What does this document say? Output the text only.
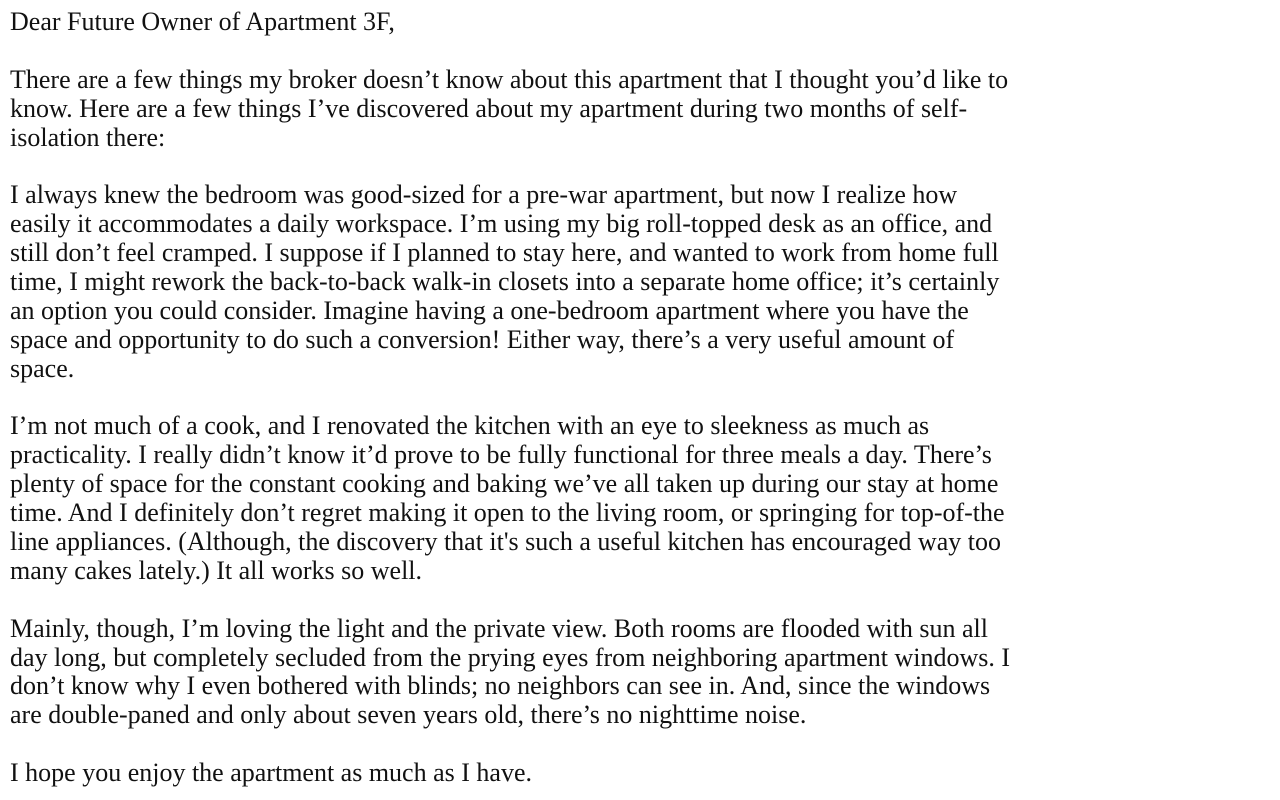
Dear Future Owner of Apartment 3F,
There are a few things my broker doesn’t know about this apartment that I thought you’d like to
know. Here are a few things I’ve discovered about my apartment during two months of self-
isolation there:
I always knew the bedroom was good-sized for a pre-war apartment, but now I realize how
easily it accommodates a daily workspace. I’m using my big roll-topped desk as an office, and
still don’t feel cramped. I suppose if I planned to stay here, and wanted to work from home full
time, I might rework the back-to-back walk-in closets into a separate home office; it’s certainly
an option you could consider. Imagine having a one-bedroom apartment where you have the
space and opportunity to do such a conversion! Either way, there’s a very useful amount of
space.
I’m not much of a cook, and I renovated the kitchen with an eye to sleekness as much as
practicality. I really didn’t know it’d prove to be fully functional for three meals a day. There’s
plenty of space for the constant cooking and baking we’ve all taken up during our stay at home
time. And I definitely don’t regret making it open to the living room, or springing for top-of-the
line appliances. (Although, the discovery that it's such a useful kitchen has encouraged way too
many cakes lately.) It all works so well.
Mainly, though, I’m loving the light and the private view. Both rooms are flooded with sun all
day long, but completely secluded from the prying eyes from neighboring apartment windows. I
don’t know why I even bothered with blinds; no neighbors can see in. And, since the windows
are double-paned and only about seven years old, there’s no nighttime noise.
I hope you enjoy the apartment as much as I have.
